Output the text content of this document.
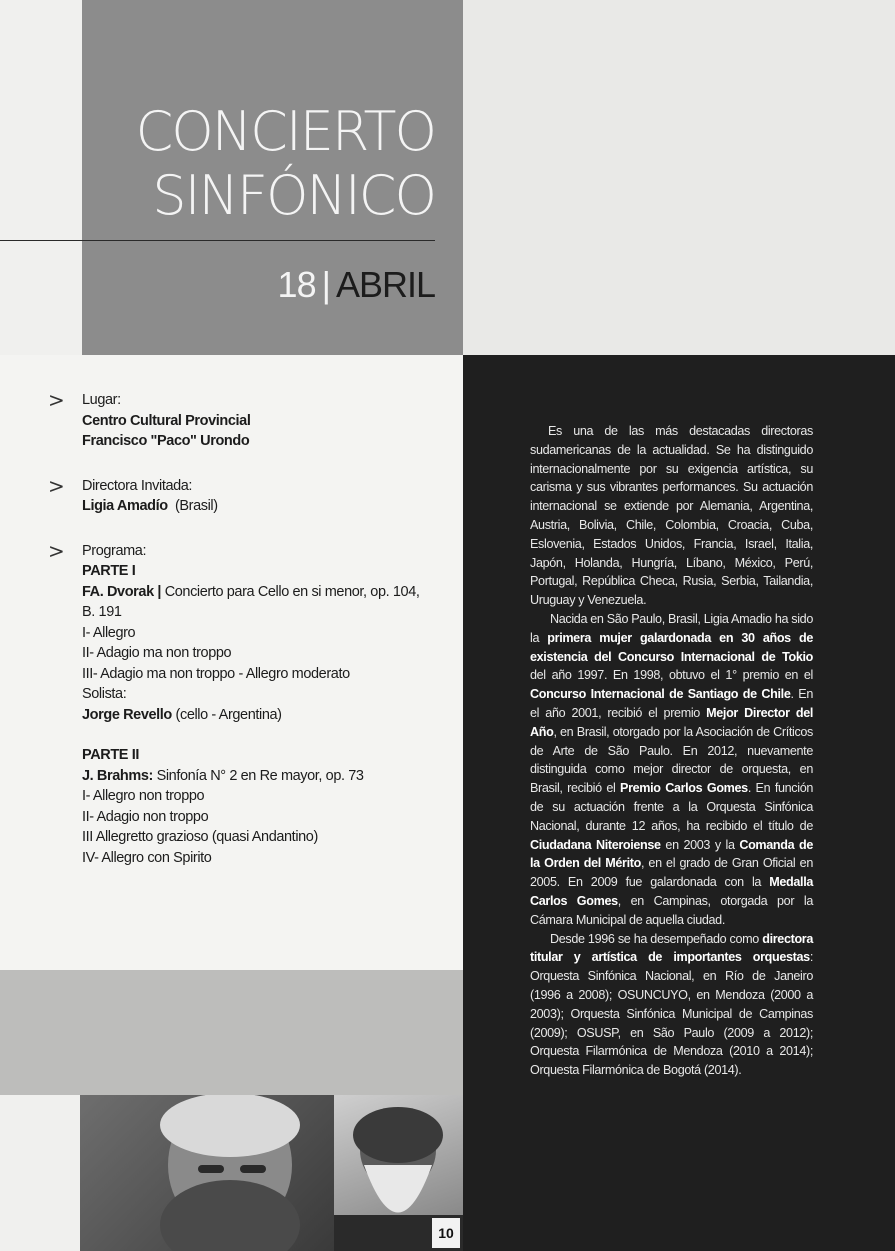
CONCIERTO
SINFÓNICO
18 | ABRIL
> Lugar:
Centro Cultural Provincial
Francisco "Paco" Urondo
> Directora Invitada:
Ligia Amadío (Brasil)
> Programa:
PARTE I
FA. Dvorak | Concierto para Cello en si menor, op. 104,
B. 191
I- Allegro
II- Adagio ma non troppo
III- Adagio ma non troppo - Allegro moderato
Solista:
Jorge Revello (cello - Argentina)
PARTE II
J. Brahms: Sinfonía N° 2 en Re mayor, op. 73
I- Allegro non troppo
II- Adagio non troppo
III Allegretto grazioso (quasi Andantino)
IV- Allegro con Spirito

Es una de las más destacadas directoras sudamericanas de la actualidad. Se ha distinguido internacionalmente por su exigencia artística, su carisma y sus vibrantes performances. Su actuación internacional se extiende por Alemania, Argentina, Austria, Bolivia, Chile, Colombia, Croacia, Cuba, Eslovenia, Estados Unidos, Francia, Israel, Italia, Japón, Holanda, Hungría, Líbano, México, Perú, Portugal, República Checa, Rusia, Serbia, Tailandia, Uruguay y Venezuela.

Nacida en São Paulo, Brasil, Ligia Amadio ha sido la primera mujer galardonada en 30 años de existencia del Concurso Internacional de Tokio del año 1997. En 1998, obtuvo el 1° premio en el Concurso Internacional de Santiago de Chile. En el año 2001, recibió el premio Mejor Director del Año, en Brasil, otorgado por la Asociación de Críticos de Arte de São Paulo. En 2012, nuevamente distinguida como mejor director de orquesta, en Brasil, recibió el Premio Carlos Gomes. En función de su actuación frente a la Orquesta Sinfónica Nacional, durante 12 años, ha recibido el título de Ciudadana Niteroiense en 2003 y la Comanda de la Orden del Mérito, en el grado de Gran Oficial en 2005. En 2009 fue galardonada con la Medalla Carlos Gomes, en Campinas, otorgada por la Cámara Municipal de aquella ciudad.

Desde 1996 se ha desempeñado como directora titular y artística de importantes orquestas: Orquesta Sinfónica Nacional, en Río de Janeiro (1996 a 2008); OSUNCUYO, en Mendoza (2000 a 2003); Orquesta Sinfónica Municipal de Campinas (2009); OSUSP, en São Paulo (2009 a 2012); Orquesta Filarmónica de Mendoza (2010 a 2014); Orquesta Filarmónica de Bogotá (2014).

10
